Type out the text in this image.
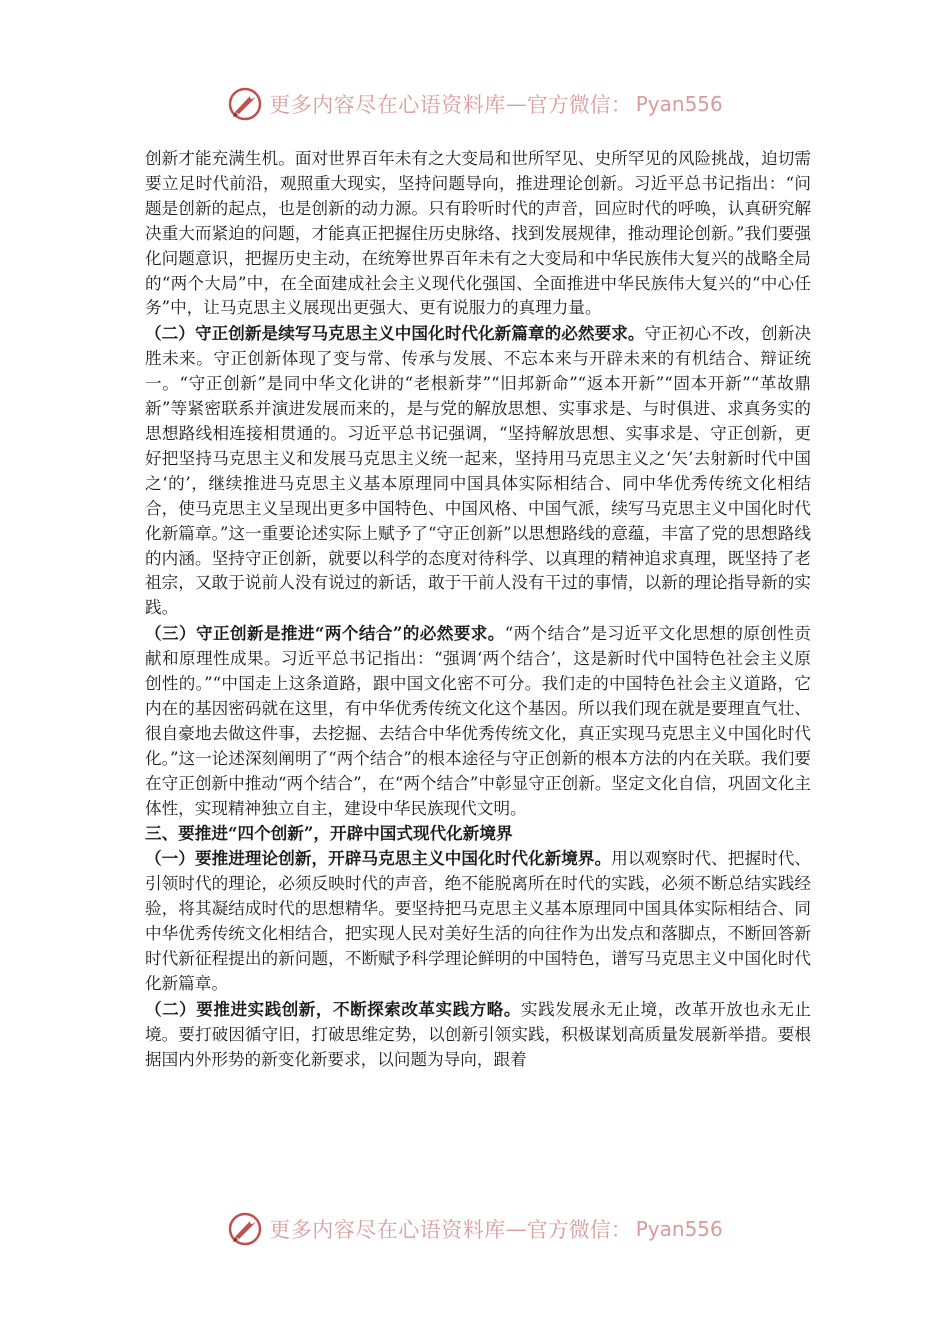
更多内容尽在心语资料库 — 官方微信： Pyan556

创新才能充满生机。面对世界百年未有之大变局和世所罕见、史所罕见的风险挑战，迫切需要立足时代前沿，观照重大现实，坚持问题导向，推进理论创新。习近平总书记指出：“问题是创新的起点，也是创新的动力源。只有聆听时代的声音，回应时代的呼唤，认真研究解决重大而紧迫的问题，才能真正把握住历史脉络、找到发展规律，推动理论创新。”我们要强化问题意识，把握历史主动，在统筹世界百年未有之大变局和中华民族伟大复兴的战略全局的“两个大局”中，在全面建成社会主义现代化强国、全面推进中华民族伟大复兴的“中心任务”中，让马克思主义展现出更强大、更有说服力的真理力量。

（二）守正创新是续写马克思主义中国化时代化新篇章的必然要求。守正初心不改，创新决胜未来。守正创新体现了变与常、传承与发展、不忘本来与开辟未来的有机结合、辩证统一。“守正创新”是同中华文化讲的“老根新芽”“旧邦新命”“返本开新”“固本开新”“革故鼎新”等紧密联系并演进发展而来的，是与党的解放思想、实事求是、与时俱进、求真务实的思想路线相连接相贯通的。习近平总书记强调，“坚持解放思想、实事求是、守正创新，更好把坚持马克思主义和发展马克思主义统一起来，坚持用马克思主义之‘矢’去射新时代中国之‘的’，继续推进马克思主义基本原理同中国具体实际相结合、同中华优秀传统文化相结合，使马克思主义呈现出更多中国特色、中国风格、中国气派，续写马克思主义中国化时代化新篇章。”这一重要论述实际上赋予了“守正创新”以思想路线的意蕴，丰富了党的思想路线的内涵。坚持守正创新，就要以科学的态度对待科学、以真理的精神追求真理，既坚持了老祖宗，又敢于说前人没有说过的新话，敢于干前人没有干过的事情，以新的理论指导新的实践。

（三）守正创新是推进“两个结合”的必然要求。“两个结合”是习近平文化思想的原创性贡献和原理性成果。习近平总书记指出：“强调‘两个结合’，这是新时代中国特色社会主义原创性的。”“中国走上这条道路，跟中国文化密不可分。我们走的中国特色社会主义道路，它内在的基因密码就在这里，有中华优秀传统文化这个基因。所以我们现在就是要理直气壮、很自豪地去做这件事，去挖掘、去结合中华优秀传统文化，真正实现马克思主义中国化时代化。”这一论述深刻阐明了“两个结合”的根本途径与守正创新的根本方法的内在关联。我们要在守正创新中推动“两个结合”，在“两个结合”中彰显守正创新。坚定文化自信，巩固文化主体性，实现精神独立自主，建设中华民族现代文明。

三、要推进“四个创新”，开辟中国式现代化新境界

（一）要推进理论创新，开辟马克思主义中国化时代化新境界。用以观察时代、把握时代、引领时代的理论，必须反映时代的声音，绝不能脱离所在时代的实践，必须不断总结实践经验，将其凝结成时代的思想精华。要坚持把马克思主义基本原理同中国具体实际相结合、同中华优秀传统文化相结合，把实现人民对美好生活的向往作为出发点和落脚点，不断回答新时代新征程提出的新问题，不断赋予科学理论鲜明的中国特色，谱写马克思主义中国化时代化新篇章。

（二）要推进实践创新，不断探索改革实践方略。实践发展永无止境，改革开放也永无止境。要打破因循守旧，打破思维定势，以创新引领实践，积极谋划高质量发展新举措。要根据国内外形势的新变化新要求，以问题为导向，跟着

更多内容尽在心语资料库 — 官方微信： Pyan556
